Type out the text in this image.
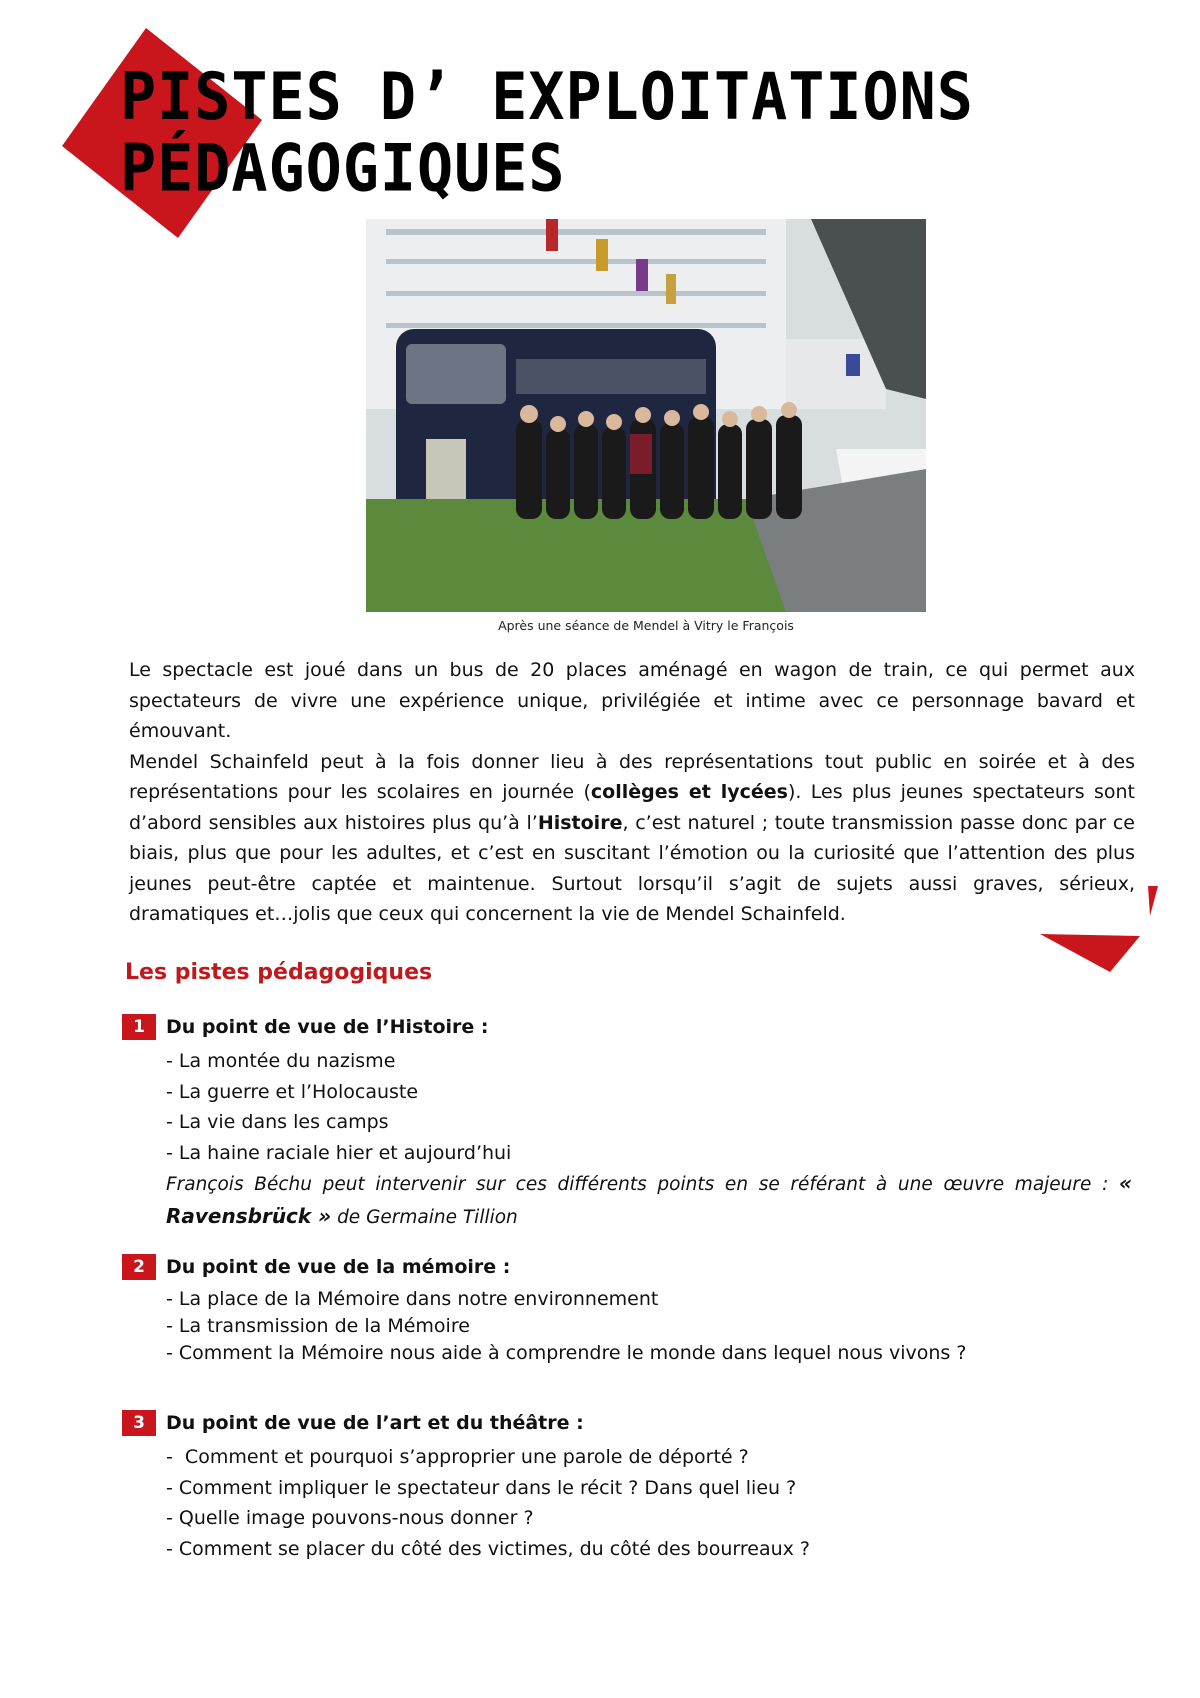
PISTES D’ EXPLOITATIONS
PÉDAGOGIQUES
Après une séance de Mendel à Vitry le François

Le spectacle est joué dans un bus de 20 places aménagé en wagon de train, ce qui permet aux spectateurs de vivre une expérience unique, privilégiée et intime avec ce personnage bavard et émouvant.

Mendel Schainfeld peut à la fois donner lieu à des représentations tout public en soirée et à des représentations pour les scolaires en journée (collèges et lycées). Les plus jeunes spectateurs sont d’abord sensibles aux histoires plus qu’à l’Histoire, c’est naturel ; toute transmission passe donc par ce biais, plus que pour les adultes, et c’est en suscitant l’émotion ou la curiosité que l’attention des plus jeunes peut-être captée et maintenue. Surtout lorsqu’il s’agit de sujets aussi graves, sérieux, dramatiques et…jolis que ceux qui concernent la vie de Mendel Schainfeld.

Les pistes pédagogiques
1	Du point de vue de l’Histoire :
- La montée du nazisme
- La guerre et l’Holocauste
- La vie dans les camps
- La haine raciale hier et aujourd’hui

François Béchu peut intervenir sur ces différents points en se référant à une œuvre majeure : « Ravensbrück » de Germaine Tillion

2	Du point de vue de la mémoire :
- La place de la Mémoire dans notre environnement
- La transmission de la Mémoire
- Comment la Mémoire nous aide à comprendre le monde dans lequel nous vivons ?
3	Du point de vue de l’art et du théâtre :
-  Comment et pourquoi s’approprier une parole de déporté ?
- Comment impliquer le spectateur dans le récit ? Dans quel lieu ?
- Quelle image pouvons-nous donner ?
- Comment se placer du côté des victimes, du côté des bourreaux ?
